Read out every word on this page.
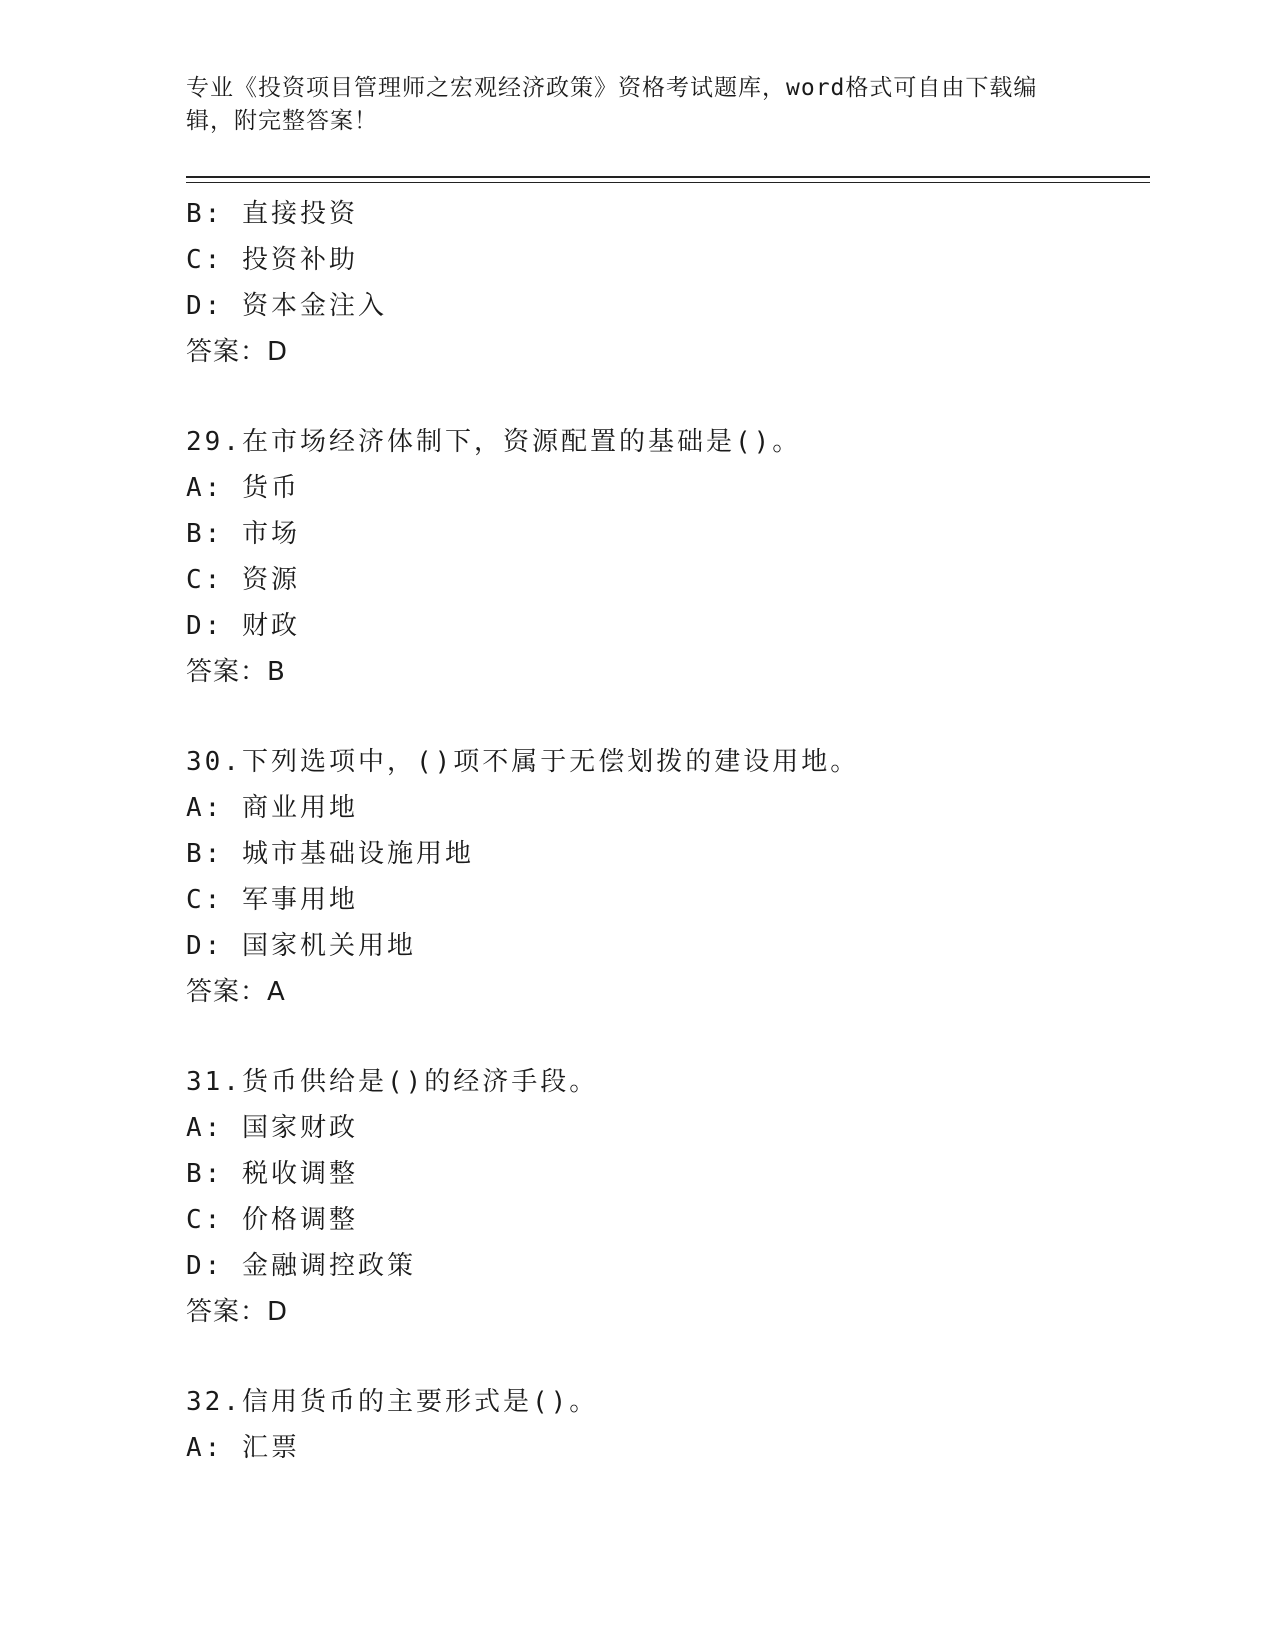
专业《投资项目管理师之宏观经济政策》资格考试题库，word格式可自由下载编
辑，附完整答案！
B: 直接投资
C: 投资补助
D: 资本金注入
答案：D
29.在市场经济体制下，资源配置的基础是()。
A: 货币
B: 市场
C: 资源
D: 财政
答案：B
30.下列选项中，()项不属于无偿划拨的建设用地。
A: 商业用地
B: 城市基础设施用地
C: 军事用地
D: 国家机关用地
答案：A
31.货币供给是()的经济手段。
A: 国家财政
B: 税收调整
C: 价格调整
D: 金融调控政策
答案：D
32.信用货币的主要形式是()。
A: 汇票
